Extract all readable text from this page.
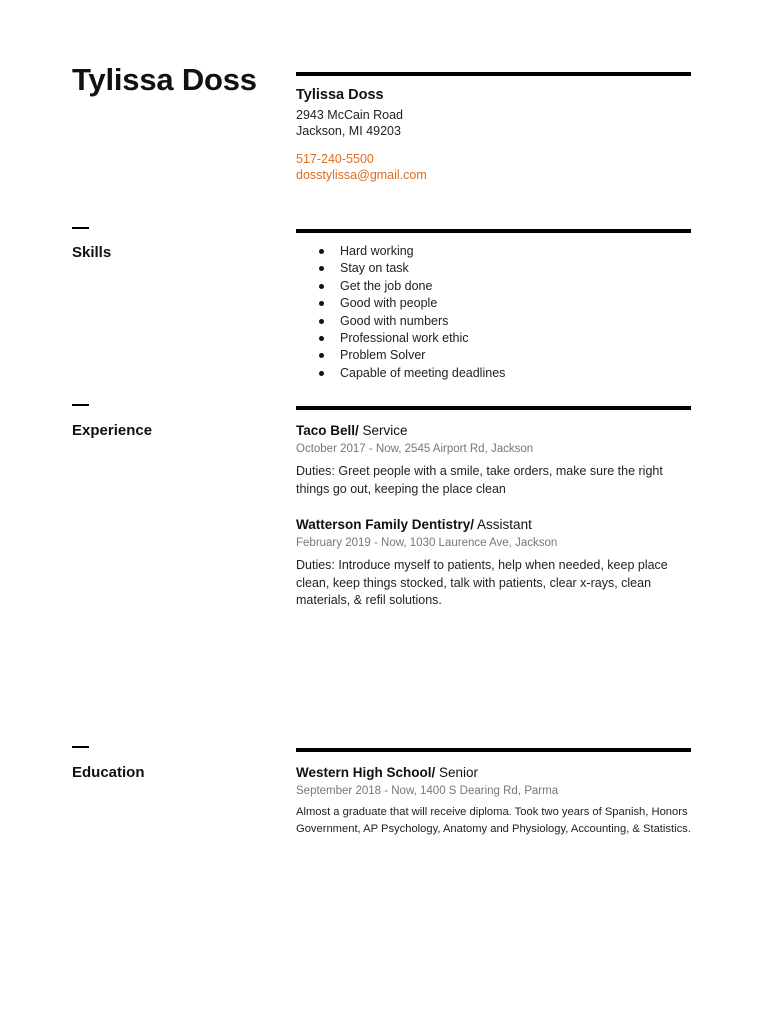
Tylissa Doss	Tylissa Doss
2943 McCain Road
Jackson, MI 49203
517-240-5500
dosstylissa@gmail.com
Skills	Hard working
Stay on task
Get the job done
Good with people
Good with numbers
Professional work ethic
Problem Solver
Capable of meeting deadlines
Experience	Taco Bell/ Service
October 2017 - Now, 2545 Airport Rd, Jackson
Duties: Greet people with a smile, take orders, make sure the right things go out, keeping the place clean
Watterson Family Dentistry/ Assistant
February 2019 - Now, 1030 Laurence Ave, Jackson
Duties: Introduce myself to patients, help when needed, keep place clean, keep things stocked, talk with patients, clear x-rays, clean materials, & refil solutions.
Education	Western High School/ Senior
September 2018 - Now, 1400 S Dearing Rd, Parma
Almost a graduate that will receive diploma. Took two years of Spanish, Honors Government, AP Psychology, Anatomy and Physiology, Accounting, & Statistics.
